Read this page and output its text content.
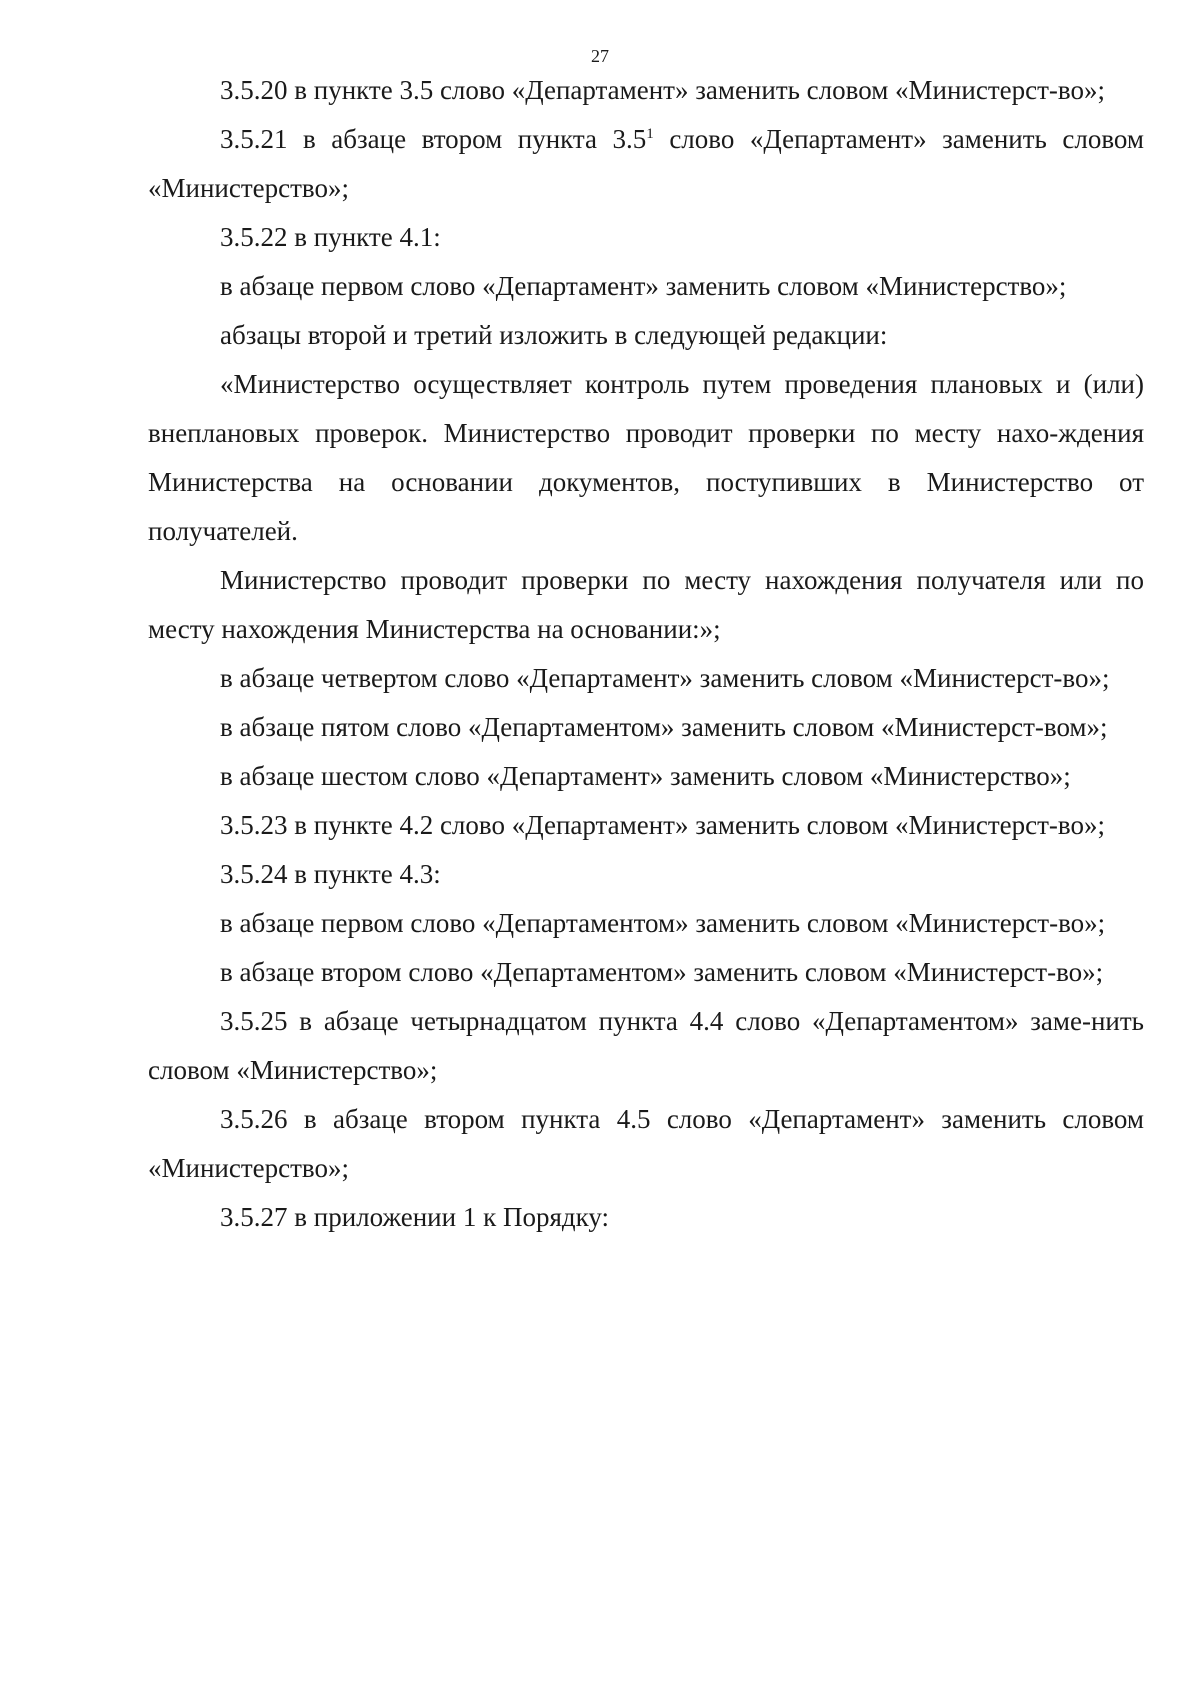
27

3.5.20 в пункте 3.5 слово «Департамент» заменить словом «Министерст-во»;

3.5.21 в абзаце втором пункта $3.5^1$ слово «Департамент» заменить словом «Министерство»;

3.5.22 в пункте 4.1:

в абзаце первом слово «Департамент» заменить словом «Министерство»;

абзацы второй и третий изложить в следующей редакции:

«Министерство осуществляет контроль путем проведения плановых и (или) внеплановых проверок. Министерство проводит проверки по месту нахо-ждения Министерства на основании документов, поступивших в Министерство от получателей.

Министерство проводит проверки по месту нахождения получателя или по месту нахождения Министерства на основании:»;

в абзаце четвертом слово «Департамент» заменить словом «Министерст-во»;

в абзаце пятом слово «Департаментом» заменить словом «Министерст-вом»;

в абзаце шестом слово «Департамент» заменить словом «Министерство»;

3.5.23 в пункте 4.2 слово «Департамент» заменить словом «Министерст-во»;

3.5.24 в пункте 4.3:

в абзаце первом слово «Департаментом» заменить словом «Министерст-во»;

в абзаце втором слово «Департаментом» заменить словом «Министерст-во»;

3.5.25 в абзаце четырнадцатом пункта 4.4 слово «Департаментом» заме-нить словом «Министерство»;

3.5.26 в абзаце втором пункта 4.5 слово «Департамент» заменить словом «Министерство»;

3.5.27 в приложении 1 к Порядку:
